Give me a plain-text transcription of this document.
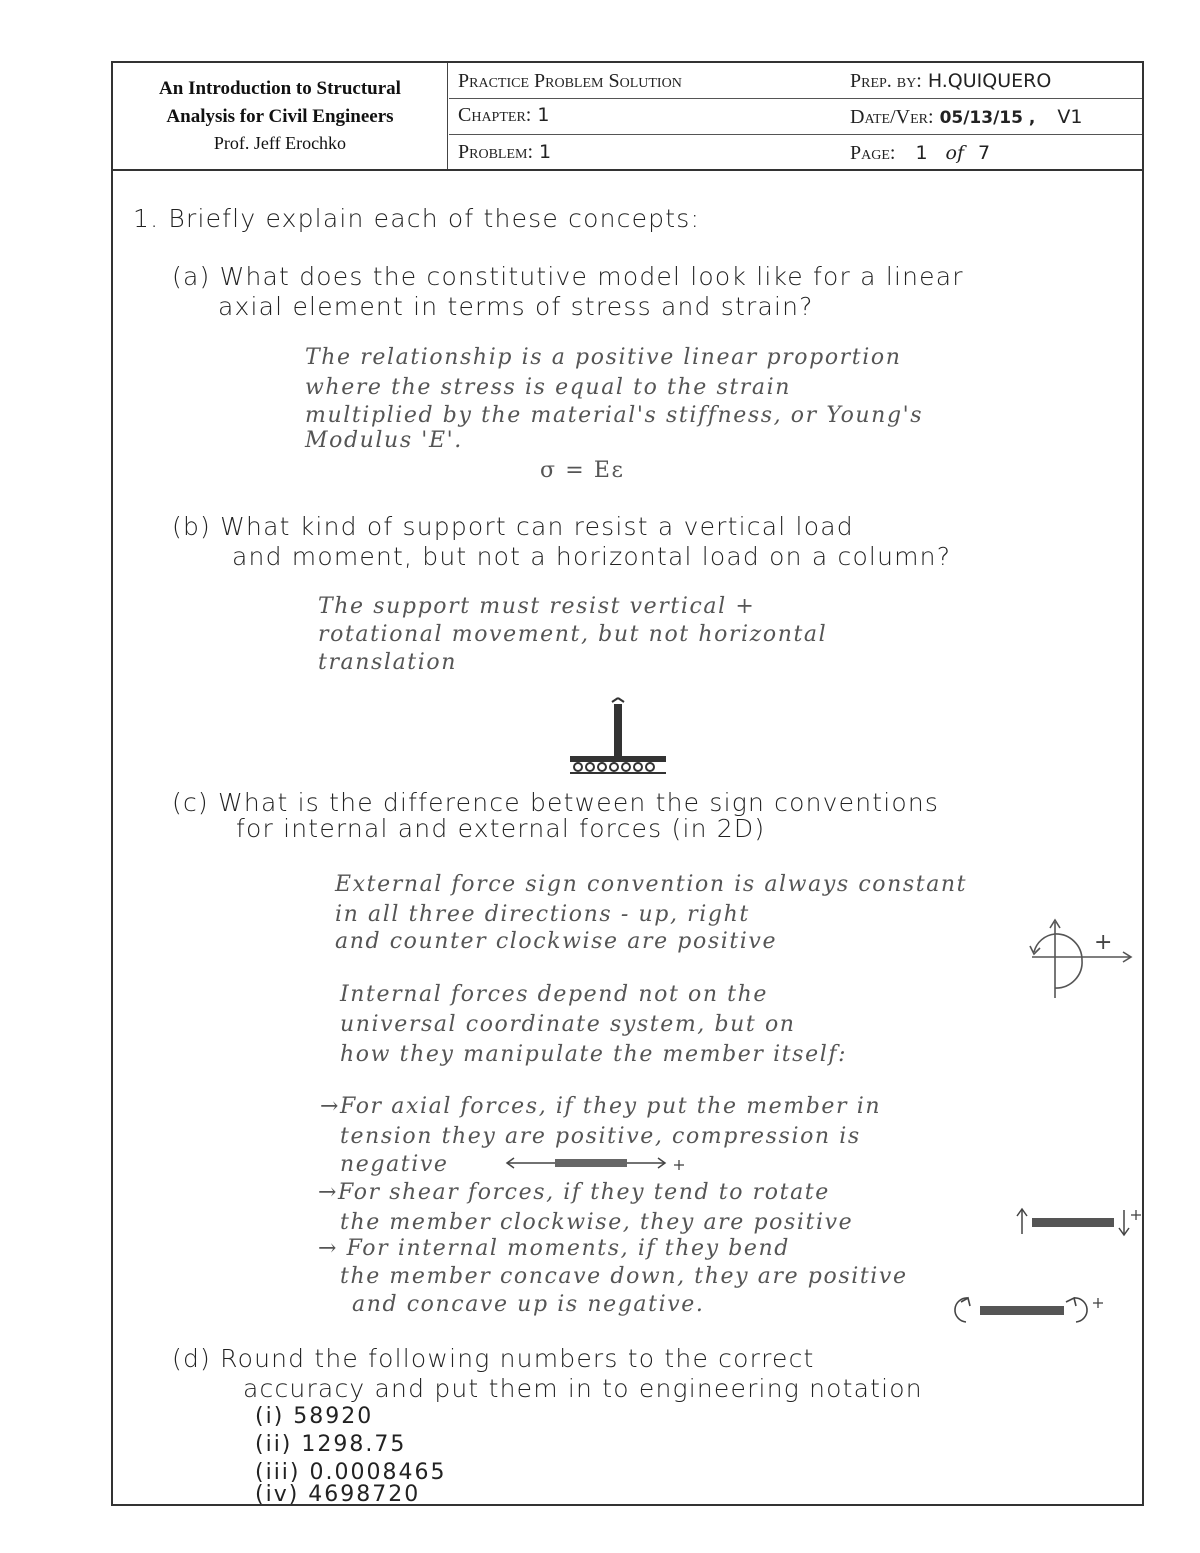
An Introduction to Structural
Analysis for Civil Engineers
Prof. Jeff Erochko
Practice Problem Solution
Chapter: 1
Problem: 1
Prep. by: H.QUIQUERO
Date/Ver: 05/13/15 , V1
Page: 1 of 7
1. Briefly explain each of these concepts:
(a) What does the constitutive model look like for a linear
axial element in terms of stress and strain?
The relationship is a positive linear proportion
where the stress is equal to the strain
multiplied by the material's stiffness, or Young's
Modulus 'E'.
σ = Eε
(b) What kind of support can resist a vertical load
and moment, but not a horizontal load on a column?
The support must resist vertical +
rotational movement, but not horizontal
translation
(c) What is the difference between the sign conventions
for internal and external forces (in 2D)
External force sign convention is always constant
in all three directions - up, right
and counter clockwise are positive	+
Internal forces depend not on the
universal coordinate system, but on
how they manipulate the member itself:
→For axial forces, if they put the member in
tension they are positive, compression is
negative
→For shear forces, if they tend to rotate
the member clockwise, they are positive
→ For internal moments, if they bend
the member concave down, they are positive
and concave up is negative.
(d) Round the following numbers to the correct
accuracy and put them in to engineering notation
(i) 58920
(ii) 1298.75
(iii) 0.0008465
(iv) 4698720
